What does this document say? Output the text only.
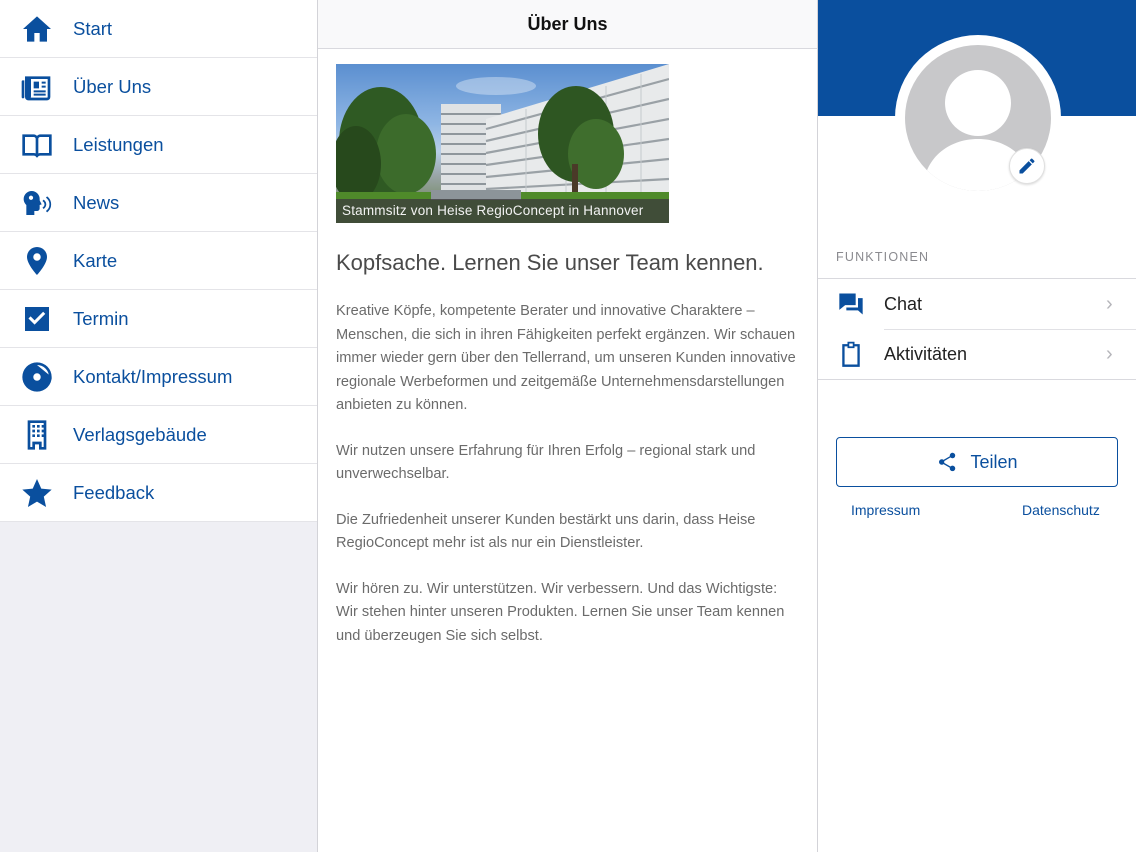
Start
Über Uns
Leistungen
News
Karte
Termin
Kontakt/Impressum
Verlagsgebäude
Feedback
Über Uns
Stammsitz von Heise RegioConcept in Hannover
Kopfsache. Lernen Sie unser Team kennen.

Kreative Köpfe, kompetente Berater und innovative Charaktere – Menschen, die sich in ihren Fähigkeiten perfekt ergänzen. Wir schauen immer wieder gern über den Tellerrand, um unseren Kunden innovative regionale Werbeformen und zeitgemäße Unternehmensdarstellungen anbieten zu können.

Wir nutzen unsere Erfahrung für Ihren Erfolg – regional stark und unverwechselbar.

Die Zufriedenheit unserer Kunden bestärkt uns darin, dass Heise RegioConcept mehr ist als nur ein Dienstleister.

Wir hören zu. Wir unterstützen. Wir verbessern. Und das Wichtigste: Wir stehen hinter unseren Produkten. Lernen Sie unser Team kennen und überzeugen Sie sich selbst.

FUNKTIONEN
Chat	›
Aktivitäten	›
Teilen
Impressum	Datenschutz
